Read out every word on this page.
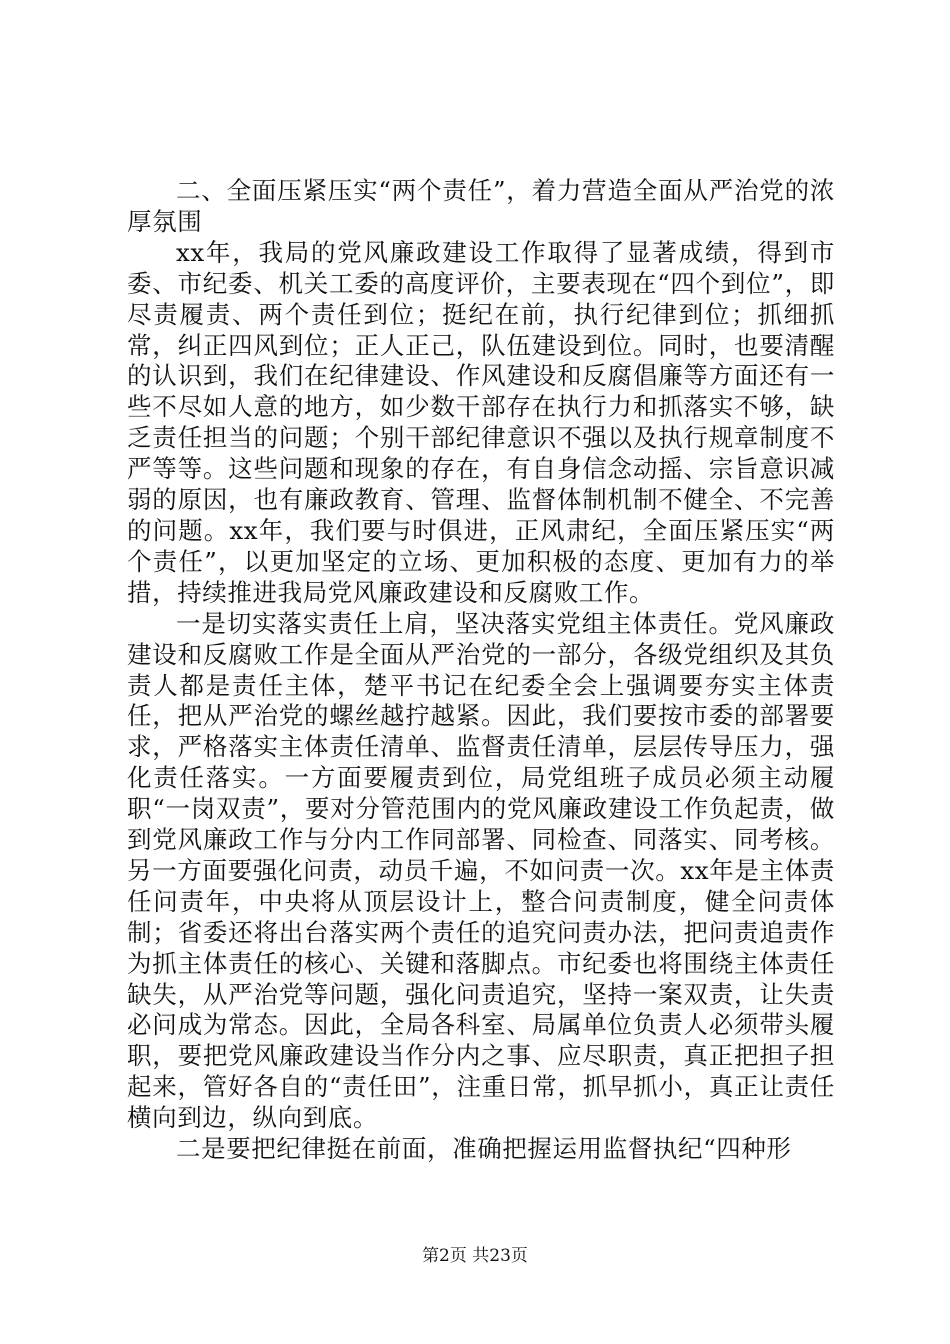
二、全面压紧压实“两个责任”，着力营造全面从严治党的浓厚氛围

xx年，我局的党风廉政建设工作取得了显著成绩，得到市委、市纪委、机关工委的高度评价，主要表现在“四个到位”，即尽责履责、两个责任到位；挺纪在前，执行纪律到位；抓细抓常，纠正四风到位；正人正己，队伍建设到位。同时，也要清醒的认识到，我们在纪律建设、作风建设和反腐倡廉等方面还有一些不尽如人意的地方，如少数干部存在执行力和抓落实不够，缺乏责任担当的问题；个别干部纪律意识不强以及执行规章制度不严等等。这些问题和现象的存在，有自身信念动摇、宗旨意识减弱的原因，也有廉政教育、管理、监督体制机制不健全、不完善的问题。xx年，我们要与时俱进，正风肃纪，全面压紧压实“两个责任”，以更加坚定的立场、更加积极的态度、更加有力的举措，持续推进我局党风廉政建设和反腐败工作。

一是切实落实责任上肩，坚决落实党组主体责任。党风廉政建设和反腐败工作是全面从严治党的一部分，各级党组织及其负责人都是责任主体，楚平书记在纪委全会上强调要夯实主体责任，把从严治党的螺丝越拧越紧。因此，我们要按市委的部署要求，严格落实主体责任清单、监督责任清单，层层传导压力，强化责任落实。一方面要履责到位，局党组班子成员必须主动履职“一岗双责”，要对分管范围内的党风廉政建设工作负起责，做到党风廉政工作与分内工作同部署、同检查、同落实、同考核。另一方面要强化问责，动员千遍，不如问责一次。xx年是主体责任问责年，中央将从顶层设计上，整合问责制度，健全问责体制；省委还将出台落实两个责任的追究问责办法，把问责追责作为抓主体责任的核心、关键和落脚点。市纪委也将围绕主体责任缺失，从严治党等问题，强化问责追究，坚持一案双责，让失责必问成为常态。因此，全局各科室、局属单位负责人必须带头履职，要把党风廉政建设当作分内之事、应尽职责，真正把担子担起来，管好各自的“责任田”，注重日常，抓早抓小，真正让责任横向到边，纵向到底。

二是要把纪律挺在前面，准确把握运用监督执纪“四种形

第2页 共23页
